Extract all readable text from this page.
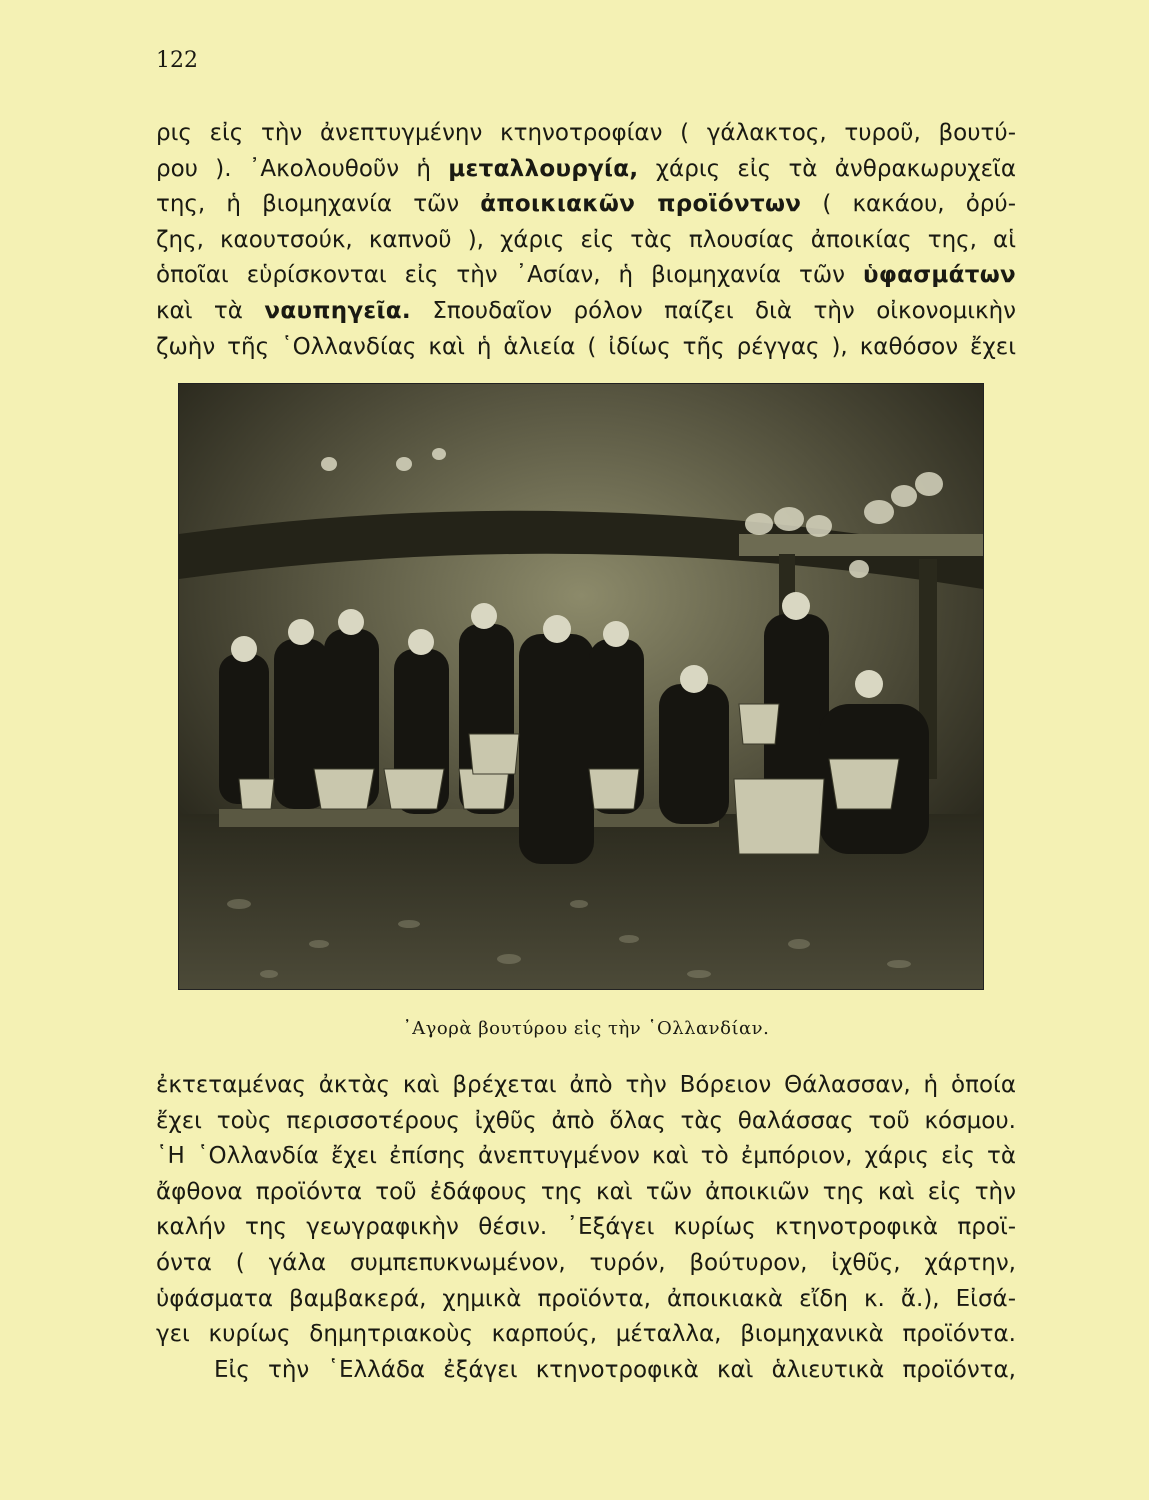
122
ρις εἰς τὴν ἀνεπτυγμένην κτηνοτροφίαν ( γάλακτος, τυροῦ, βουτύ-
ρου ). ᾿Ακολουθοῦν ἡ μεταλλουργία, χάρις εἰς τὰ ἀνθρακωρυχεῖα
της, ἡ βιομηχανία τῶν ἀποικιακῶν προϊόντων ( κακάου, ὀρύ-
ζης, καουτσούκ, καπνοῦ ), χάρις εἰς τὰς πλουσίας ἀποικίας της, αἱ
ὁποῖαι εὑρίσκονται εἰς τὴν ᾿Ασίαν, ἡ βιομηχανία τῶν ὑφασμάτων
καὶ τὰ ναυπηγεῖα. Σπουδαῖον ρόλον παίζει διὰ τὴν οἰκονομικὴν
ζωὴν τῆς ῾Ολλανδίας καὶ ἡ ἁλιεία ( ἰδίως τῆς ρέγγας ), καθόσον ἔχει
᾿Αγορὰ βουτύρου εἰς τὴν ῾Ολλανδίαν.
ἐκτεταμένας ἀκτὰς καὶ βρέχεται ἀπὸ τὴν Βόρειον Θάλασσαν, ἡ ὁποία
ἔχει τοὺς περισσοτέρους ἰχθῦς ἀπὸ ὅλας τὰς θαλάσσας τοῦ κόσμου.
῾Η ῾Ολλανδία ἔχει ἐπίσης ἀνεπτυγμένον καὶ τὸ ἐμπόριον, χάρις εἰς τὰ
ἄφθονα προϊόντα τοῦ ἐδάφους της καὶ τῶν ἀποικιῶν της καὶ εἰς τὴν
καλήν της γεωγραφικὴν θέσιν. ᾿Εξάγει κυρίως κτηνοτροφικὰ προϊ-
όντα ( γάλα συμπεπυκνωμένον, τυρόν, βούτυρον, ἰχθῦς, χάρτην,
ὑφάσματα βαμβακερά, χημικὰ προϊόντα, ἀποικιακὰ εἴδη κ. ἄ.), Εἰσά-
γει κυρίως δημητριακοὺς καρπούς, μέταλλα, βιομηχανικὰ προϊόντα.
Εἰς τὴν ῾Ελλάδα ἐξάγει κτηνοτροφικὰ καὶ ἁλιευτικὰ προϊόντα,
